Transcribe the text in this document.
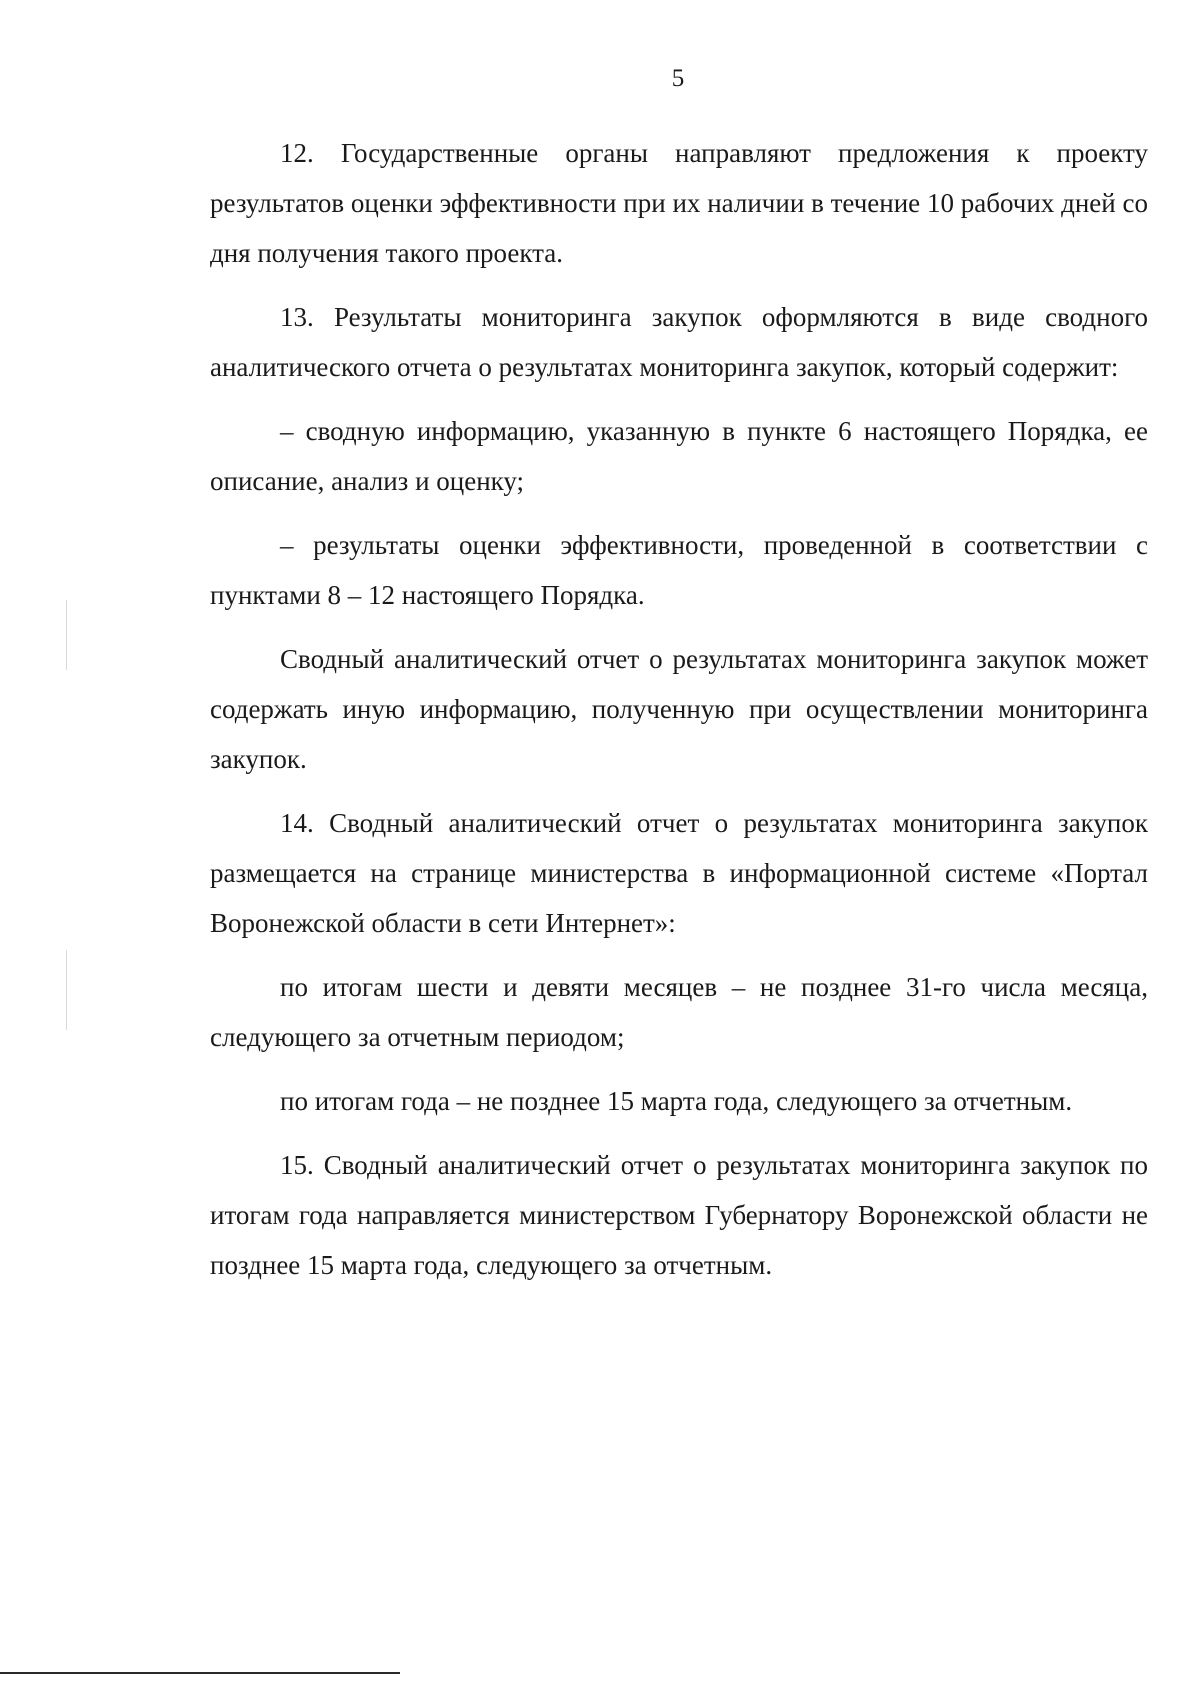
5

12. Государственные органы направляют предложения к проекту результатов оценки эффективности при их наличии в течение 10 рабочих дней со дня получения такого проекта.

13. Результаты мониторинга закупок оформляются в виде сводного аналитического отчета о результатах мониторинга закупок, который содержит:

– сводную информацию, указанную в пункте 6 настоящего Порядка, ее описание, анализ и оценку;

– результаты оценки эффективности, проведенной в соответствии с пунктами 8 – 12 настоящего Порядка.

Сводный аналитический отчет о результатах мониторинга закупок может содержать иную информацию, полученную при осуществлении мониторинга закупок.

14. Сводный аналитический отчет о результатах мониторинга закупок размещается на странице министерства в информационной системе «Портал Воронежской области в сети Интернет»:

по итогам шести и девяти месяцев – не позднее 31-го числа месяца, следующего за отчетным периодом;

по итогам года – не позднее 15 марта года, следующего за отчетным.

15. Сводный аналитический отчет о результатах мониторинга закупок по итогам года направляется министерством Губернатору Воронежской области не позднее 15 марта года, следующего за отчетным.
